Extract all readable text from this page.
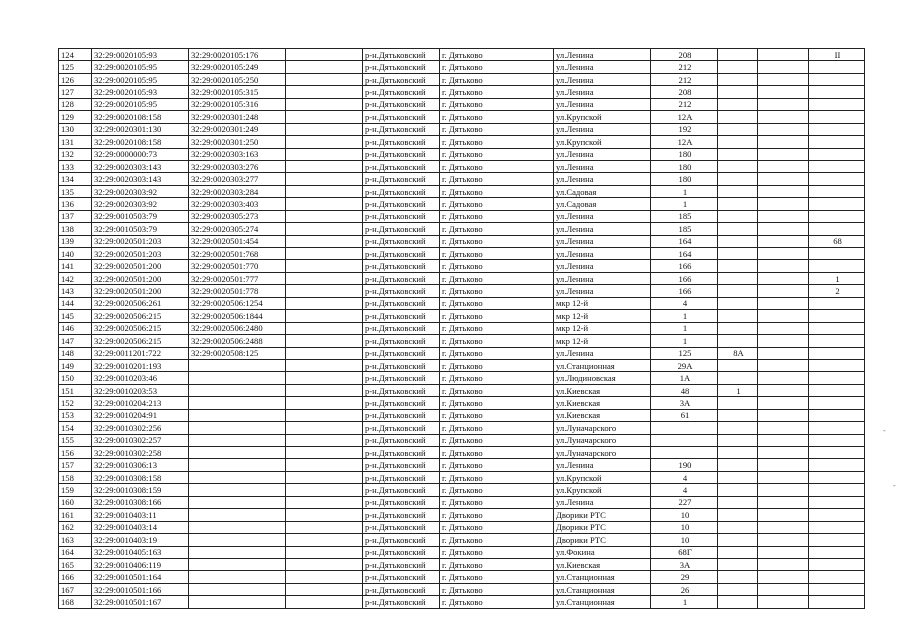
124	32:29:0020105:93	32:29:0020105:176		р-н.Дятьковский	г. Дятьково	ул.Ленина	208			II
125	32:29:0020105:95	32:29:0020105:249		р-н.Дятьковский	г. Дятьково	ул.Ленина	212			
126	32:29:0020105:95	32:29:0020105:250		р-н.Дятьковский	г. Дятьково	ул.Ленина	212			
127	32:29:0020105:93	32:29:0020105:315		р-н.Дятьковский	г. Дятьково	ул.Ленина	208			
128	32:29:0020105:95	32:29:0020105:316		р-н.Дятьковский	г. Дятьково	ул.Ленина	212			
129	32:29:0020108:158	32:29:0020301:248		р-н.Дятьковский	г. Дятьково	ул.Крупской	12А			
130	32:29:0020301:130	32:29:0020301:249		р-н.Дятьковский	г. Дятьково	ул.Ленина	192			
131	32:29:0020108:158	32:29:0020301:250		р-н.Дятьковский	г. Дятьково	ул.Крупской	12А			
132	32:29:0000000:73	32:29:0020303:163		р-н.Дятьковский	г. Дятьково	ул.Ленина	180			
133	32:29:0020303:143	32:29:0020303:276		р-н.Дятьковский	г. Дятьково	ул.Ленина	180			
134	32:29:0020303:143	32:29:0020303:277		р-н.Дятьковский	г. Дятьково	ул.Ленина	180			
135	32:29:0020303:92	32:29:0020303:284		р-н.Дятьковский	г. Дятьково	ул.Садовая	1			
136	32:29:0020303:92	32:29:0020303:403		р-н.Дятьковский	г. Дятьково	ул.Садовая	1			
137	32:29:0010503:79	32:29:0020305:273		р-н.Дятьковский	г. Дятьково	ул.Ленина	185			
138	32:29:0010503:79	32:29:0020305:274		р-н.Дятьковский	г. Дятьково	ул.Ленина	185			
139	32:29:0020501:203	32:29:0020501:454		р-н.Дятьковский	г. Дятьково	ул.Ленина	164			68
140	32:29:0020501:203	32:29:0020501:768		р-н.Дятьковский	г. Дятьково	ул.Ленина	164			
141	32:29:0020501:200	32:29:0020501:770		р-н.Дятьковский	г. Дятьково	ул.Ленина	166			
142	32:29:0020501:200	32:29:0020501:777		р-н.Дятьковский	г. Дятьково	ул.Ленина	166			1
143	32:29:0020501:200	32:29:0020501:778		р-н.Дятьковский	г. Дятьково	ул.Ленина	166			2
144	32:29:0020506:261	32:29:0020506:1254		р-н.Дятьковский	г. Дятьково	мкр 12-й	4			
145	32:29:0020506:215	32:29:0020506:1844		р-н.Дятьковский	г. Дятьково	мкр 12-й	1			
146	32:29:0020506:215	32:29:0020506:2480		р-н.Дятьковский	г. Дятьково	мкр 12-й	1			
147	32:29:0020506:215	32:29:0020506:2488		р-н.Дятьковский	г. Дятьково	мкр 12-й	1			
148	32:29:0011201:722	32:29:0020508:125		р-н.Дятьковский	г. Дятьково	ул.Ленина	125	8А		
149	32:29:0010201:193			р-н.Дятьковский	г. Дятьково	ул.Станционная	29А			
150	32:29:0010203:46			р-н.Дятьковский	г. Дятьково	ул.Людиновская	1А			
151	32:29:0010203:53			р-н.Дятьковский	г. Дятьково	ул.Киевская	48	1		
152	32:29:0010204:213			р-н.Дятьковский	г. Дятьково	ул.Киевская	3А			
153	32:29:0010204:91			р-н.Дятьковский	г. Дятьково	ул.Киевская	61			
154	32:29:0010302:256			р-н.Дятьковский	г. Дятьково	ул.Луначарского				
155	32:29:0010302:257			р-н.Дятьковский	г. Дятьково	ул.Луначарского				
156	32:29:0010302:258			р-н.Дятьковский	г. Дятьково	ул.Луначарского				
157	32:29:0010306:13			р-н.Дятьковский	г. Дятьково	ул.Ленина	190			
158	32:29:0010308:158			р-н.Дятьковский	г. Дятьково	ул.Крупской	4			
159	32:29:0010308:159			р-н.Дятьковский	г. Дятьково	ул.Крупской	4			
160	32:29:0010308:166			р-н.Дятьковский	г. Дятьково	ул.Ленина	227			
161	32:29:0010403:11			р-н.Дятьковский	г. Дятьково	Дворики РТС	10			
162	32:29:0010403:14			р-н.Дятьковский	г. Дятьково	Дворики РТС	10			
163	32:29:0010403:19			р-н.Дятьковский	г. Дятьково	Дворики РТС	10			
164	32:29:0010405:163			р-н.Дятьковский	г. Дятьково	ул.Фокина	68Г			
165	32:29:0010406:119			р-н.Дятьковский	г. Дятьково	ул.Киевская	3А			
166	32:29:0010501:164			р-н.Дятьковский	г. Дятьково	ул.Станционная	29			
167	32:29:0010501:166			р-н.Дятьковский	г. Дятьково	ул.Станционная	26			
168	32:29:0010501:167			р-н.Дятьковский	г. Дятьково	ул.Станционная	1			
-
-
